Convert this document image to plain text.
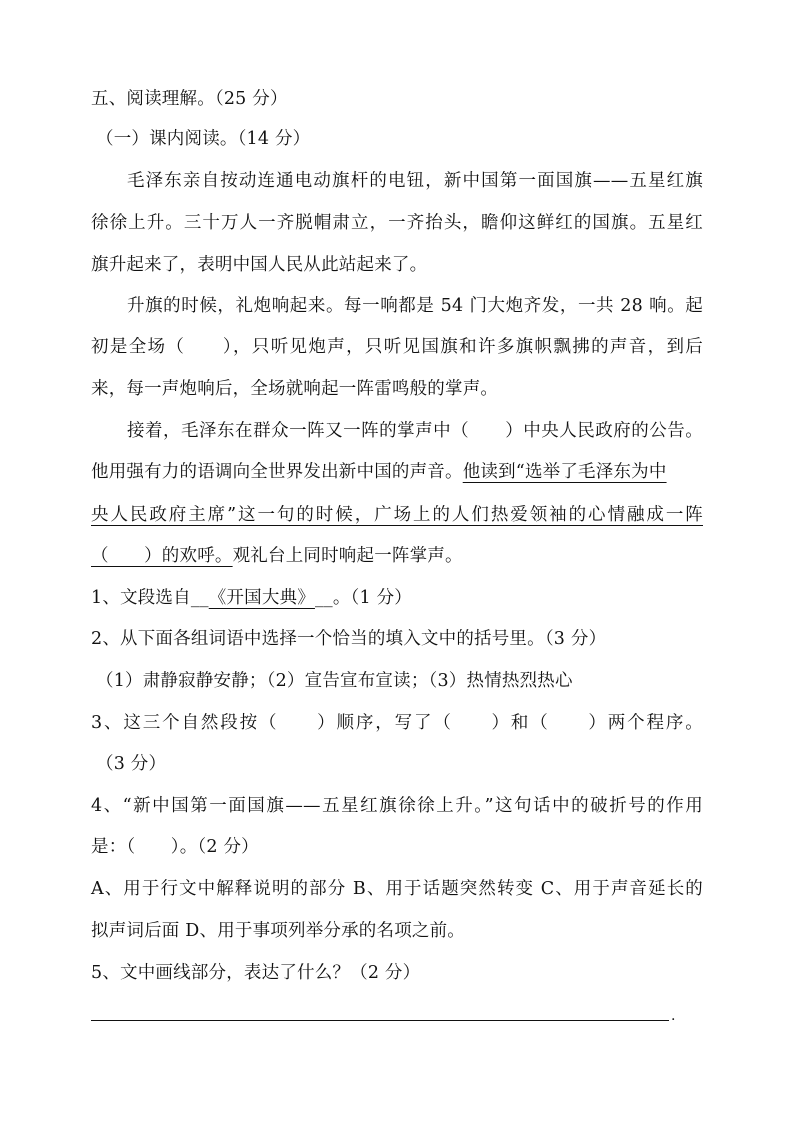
五、阅读理解。（25 分）
（一）课内阅读。（14 分）
毛泽东亲自按动连通电动旗杆的电钮，新中国第一面国旗——五星红旗
徐徐上升。三十万人一齐脱帽肃立，一齐抬头，瞻仰这鲜红的国旗。五星红
旗升起来了，表明中国人民从此站起来了。
升旗的时候，礼炮响起来。每一响都是 54 门大炮齐发，一共 28 响。起
初是全场（　　），只听见炮声，只听见国旗和许多旗帜飘拂的声音，到后
来，每一声炮响后，全场就响起一阵雷鸣般的掌声。
接着，毛泽东在群众一阵又一阵的掌声中（　　）中央人民政府的公告。
他用强有力的语调向全世界发出新中国的声音。他读到“选举了毛泽东为中
央人民政府主席”这一句的时候，广场上的人们热爱领袖的心情融成一阵
（　　）的欢呼。观礼台上同时响起一阵掌声。
1、文段选自__《开国大典》__。（1 分）
2、从下面各组词语中选择一个恰当的填入文中的括号里。（3 分）
（1）肃静寂静安静；（2）宣告宣布宣读；（3）热情热烈热心
3、这三个自然段按（　　）顺序，写了（　　）和（　　）两个程序。
（3 分）
4、“新中国第一面国旗——五星红旗徐徐上升。”这句话中的破折号的作用
是：（　　）。（2 分）
A、用于行文中解释说明的部分 B、用于话题突然转变 C、用于声音延长的
拟声词后面 D、用于事项列举分承的名项之前。
5、文中画线部分，表达了什么？（2 分）
.
